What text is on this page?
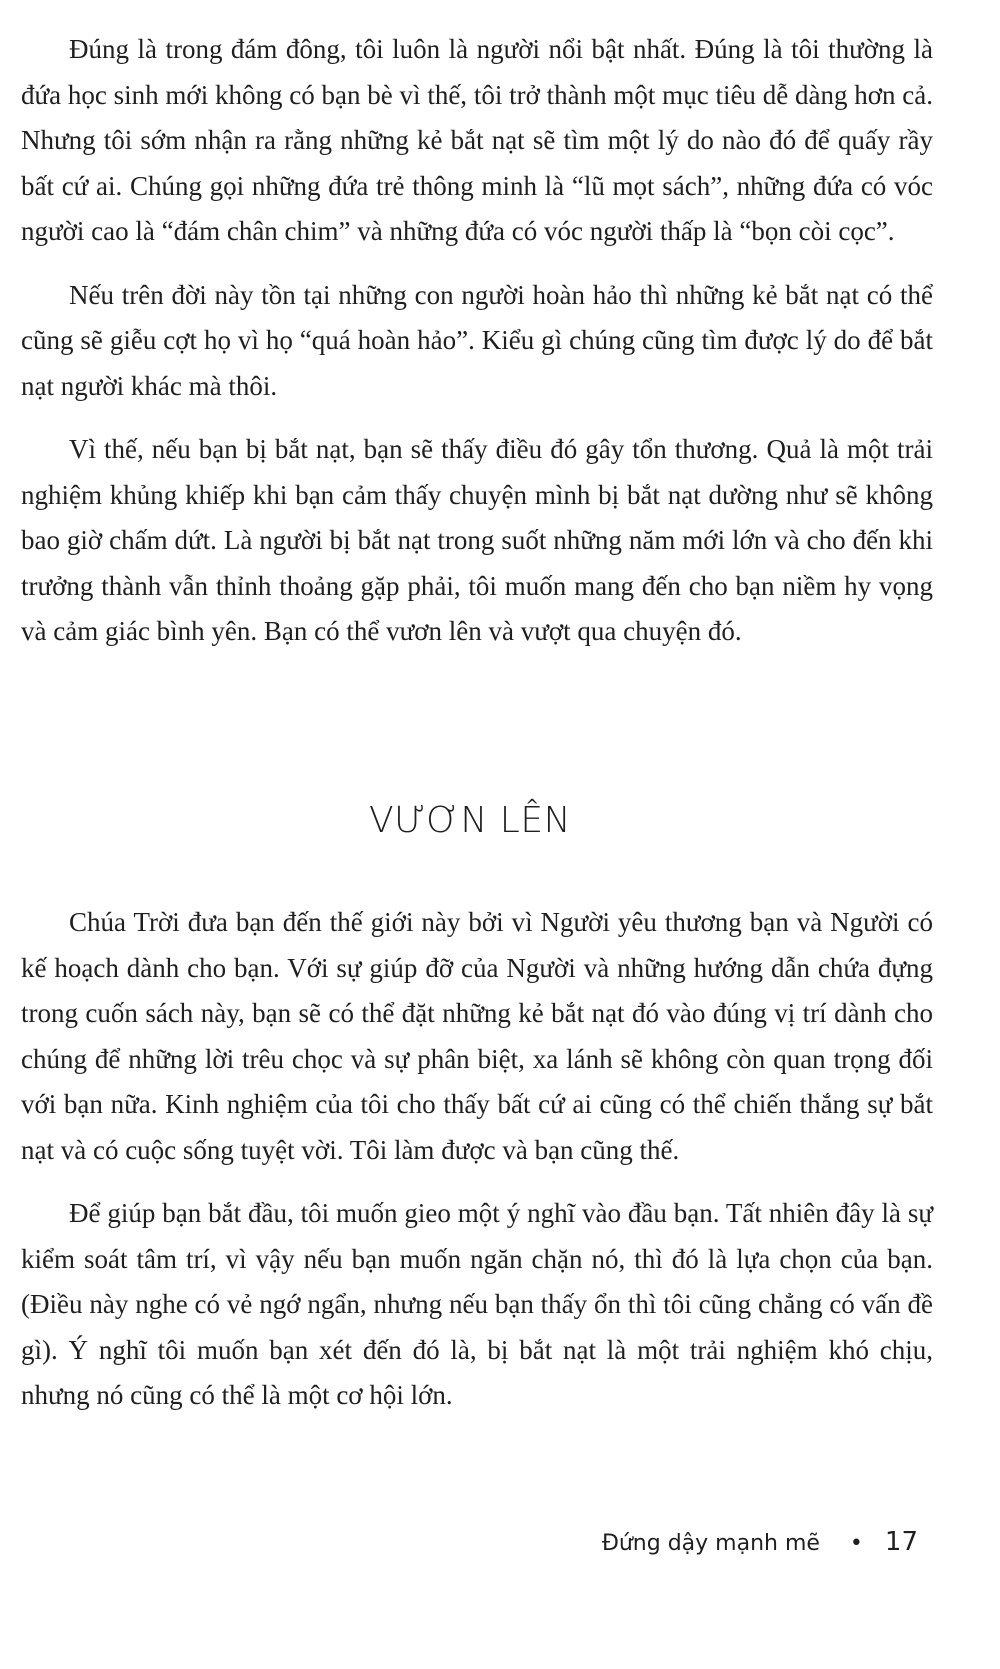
Đúng là trong đám đông, tôi luôn là người nổi bật nhất. Đúng là tôi thường là đứa học sinh mới không có bạn bè vì thế, tôi trở thành một mục tiêu dễ dàng hơn cả. Nhưng tôi sớm nhận ra rằng những kẻ bắt nạt sẽ tìm một lý do nào đó để quấy rầy bất cứ ai. Chúng gọi những đứa trẻ thông minh là “lũ mọt sách”, những đứa có vóc người cao là “đám chân chim” và những đứa có vóc người thấp là “bọn còi cọc”.

Nếu trên đời này tồn tại những con người hoàn hảo thì những kẻ bắt nạt có thể cũng sẽ giễu cợt họ vì họ “quá hoàn hảo”. Kiểu gì chúng cũng tìm được lý do để bắt nạt người khác mà thôi.

Vì thế, nếu bạn bị bắt nạt, bạn sẽ thấy điều đó gây tổn thương. Quả là một trải nghiệm khủng khiếp khi bạn cảm thấy chuyện mình bị bắt nạt dường như sẽ không bao giờ chấm dứt. Là người bị bắt nạt trong suốt những năm mới lớn và cho đến khi trưởng thành vẫn thỉnh thoảng gặp phải, tôi muốn mang đến cho bạn niềm hy vọng và cảm giác bình yên. Bạn có thể vươn lên và vượt qua chuyện đó.

VƯƠN LÊN

Chúa Trời đưa bạn đến thế giới này bởi vì Người yêu thương bạn và Người có kế hoạch dành cho bạn. Với sự giúp đỡ của Người và những hướng dẫn chứa đựng trong cuốn sách này, bạn sẽ có thể đặt những kẻ bắt nạt đó vào đúng vị trí dành cho chúng để những lời trêu chọc và sự phân biệt, xa lánh sẽ không còn quan trọng đối với bạn nữa. Kinh nghiệm của tôi cho thấy bất cứ ai cũng có thể chiến thắng sự bắt nạt và có cuộc sống tuyệt vời. Tôi làm được và bạn cũng thế.

Để giúp bạn bắt đầu, tôi muốn gieo một ý nghĩ vào đầu bạn. Tất nhiên đây là sự kiểm soát tâm trí, vì vậy nếu bạn muốn ngăn chặn nó, thì đó là lựa chọn của bạn. (Điều này nghe có vẻ ngớ ngẩn, nhưng nếu bạn thấy ổn thì tôi cũng chẳng có vấn đề gì). Ý nghĩ tôi muốn bạn xét đến đó là, bị bắt nạt là một trải nghiệm khó chịu, nhưng nó cũng có thể là một cơ hội lớn.

Đứng dậy mạnh mẽ • 17
